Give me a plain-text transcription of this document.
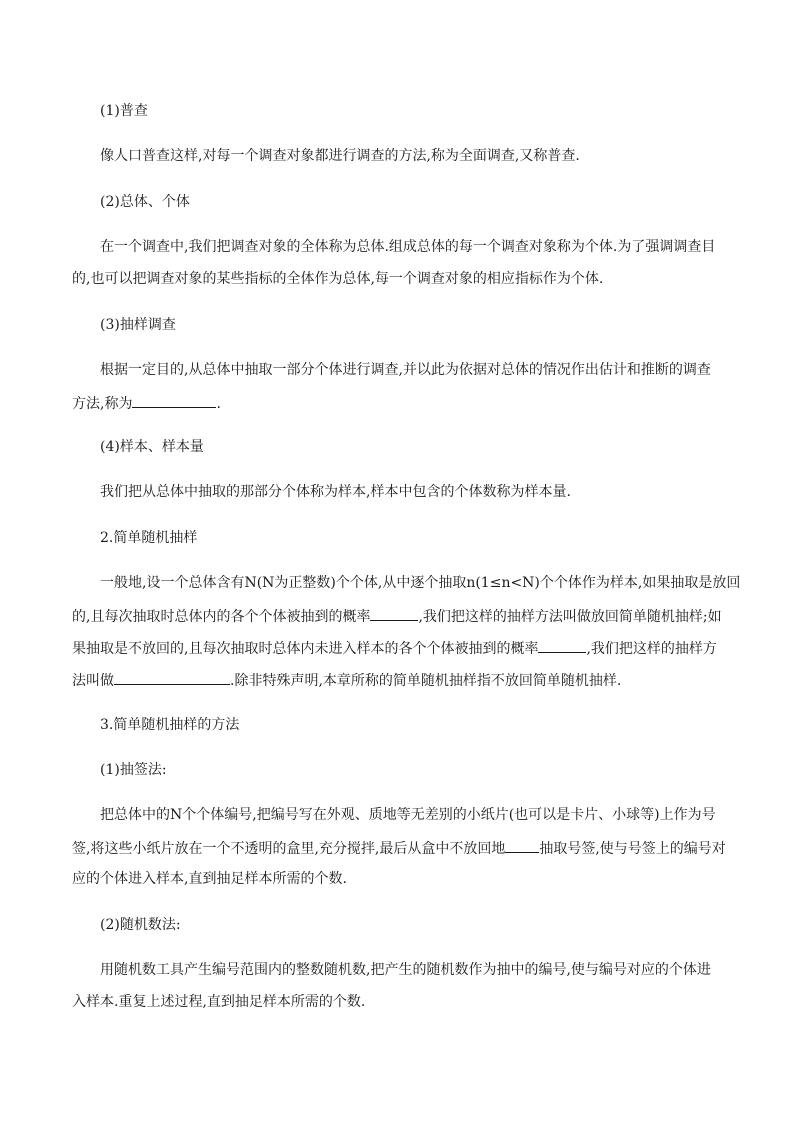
(1)普查
像人口普查这样,对每一个调查对象都进行调查的方法,称为全面调查,又称普查.
(2)总体、个体
在一个调查中,我们把调查对象的全体称为总体.组成总体的每一个调查对象称为个体.为了强调调查目
的,也可以把调查对象的某些指标的全体作为总体,每一个调查对象的相应指标作为个体.
(3)抽样调查
根据一定目的,从总体中抽取一部分个体进行调查,并以此为依据对总体的情况作出估计和推断的调查
方法,称为	.
(4)样本、样本量
我们把从总体中抽取的那部分个体称为样本,样本中包含的个体数称为样本量.
2.简单随机抽样
一般地,设一个总体含有N(N为正整数)个个体,从中逐个抽取n(1≤n<N)个个体作为样本,如果抽取是放回
的,且每次抽取时总体内的各个个体被抽到的概率	,我们把这样的抽样方法叫做放回简单随机抽样;如
果抽取是不放回的,且每次抽取时总体内未进入样本的各个个体被抽到的概率	,我们把这样的抽样方
法叫做	.除非特殊声明,本章所称的简单随机抽样指不放回简单随机抽样.
3.简单随机抽样的方法
(1)抽签法:
把总体中的N个个体编号,把编号写在外观、质地等无差别的小纸片(也可以是卡片、小球等)上作为号
签,将这些小纸片放在一个不透明的盒里,充分搅拌,最后从盒中不放回地 抽取号签,使与号签上的编号对
应的个体进入样本,直到抽足样本所需的个数.
(2)随机数法:
用随机数工具产生编号范围内的整数随机数,把产生的随机数作为抽中的编号,使与编号对应的个体进
入样本.重复上述过程,直到抽足样本所需的个数.
